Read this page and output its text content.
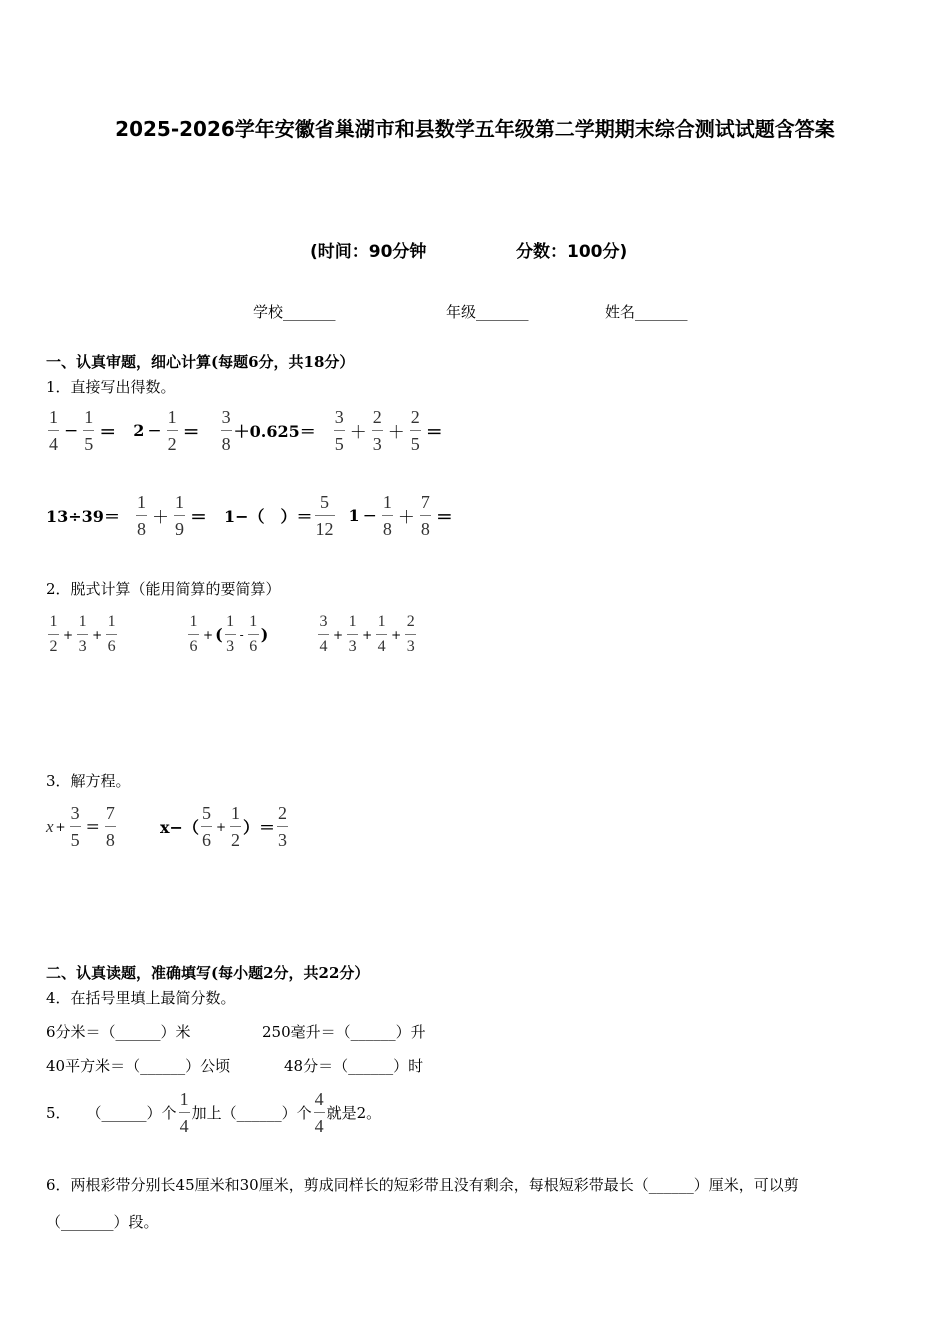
2025-2026学年安徽省巢湖市和县数学五年级第二学期期末综合测试试题含答案
(时间：90分钟	分数：100分)
学校_______	年级_______	姓名_______
一、认真审题，细心计算(每题6分，共18分）
1．直接写出得数。
$\frac{1}{4} - \frac{1}{5} = 2 - \frac{1}{2} = \frac{3}{8} +0.625= \frac{3}{5} + \frac{2}{3} + \frac{2}{5}$ ＝
$13\div 39= \frac{1}{8} + \frac{1}{9} = 1-$（　）＝ $\frac{5}{12} 1 - \frac{1}{8} + \frac{7}{8}$ ＝
2．脱式计算（能用简算的要简算）
$\frac{1}{2} + \frac{1}{3} + \frac{1}{6}$	$\frac{1}{6}$ + ( $\frac{1}{3} - \frac{1}{6}$ )	$\frac{3}{4} + \frac{1}{3} + \frac{1}{4} + \frac{2}{3}$
3．解方程。
$x + \frac{3}{5} = \frac{7}{8}$	$x-( \frac{5}{6} + \frac{1}{2}$ ）＝ $\frac{2}{3}$
二、认真读题，准确填写(每小题2分，共22分）
4．在括号里填上最简分数。
6分米＝（______）米	250毫升＝（______）升
40平方米＝（______）公顷	48分＝（______）时
5． （______）个 $\frac{1}{4}$ 加上（______）个 $\frac{4}{4}$ 就是2。
6．两根彩带分别长45厘米和30厘米，剪成同样长的短彩带且没有剩余，每根短彩带最长（______）厘米，可以剪
（_______）段。
